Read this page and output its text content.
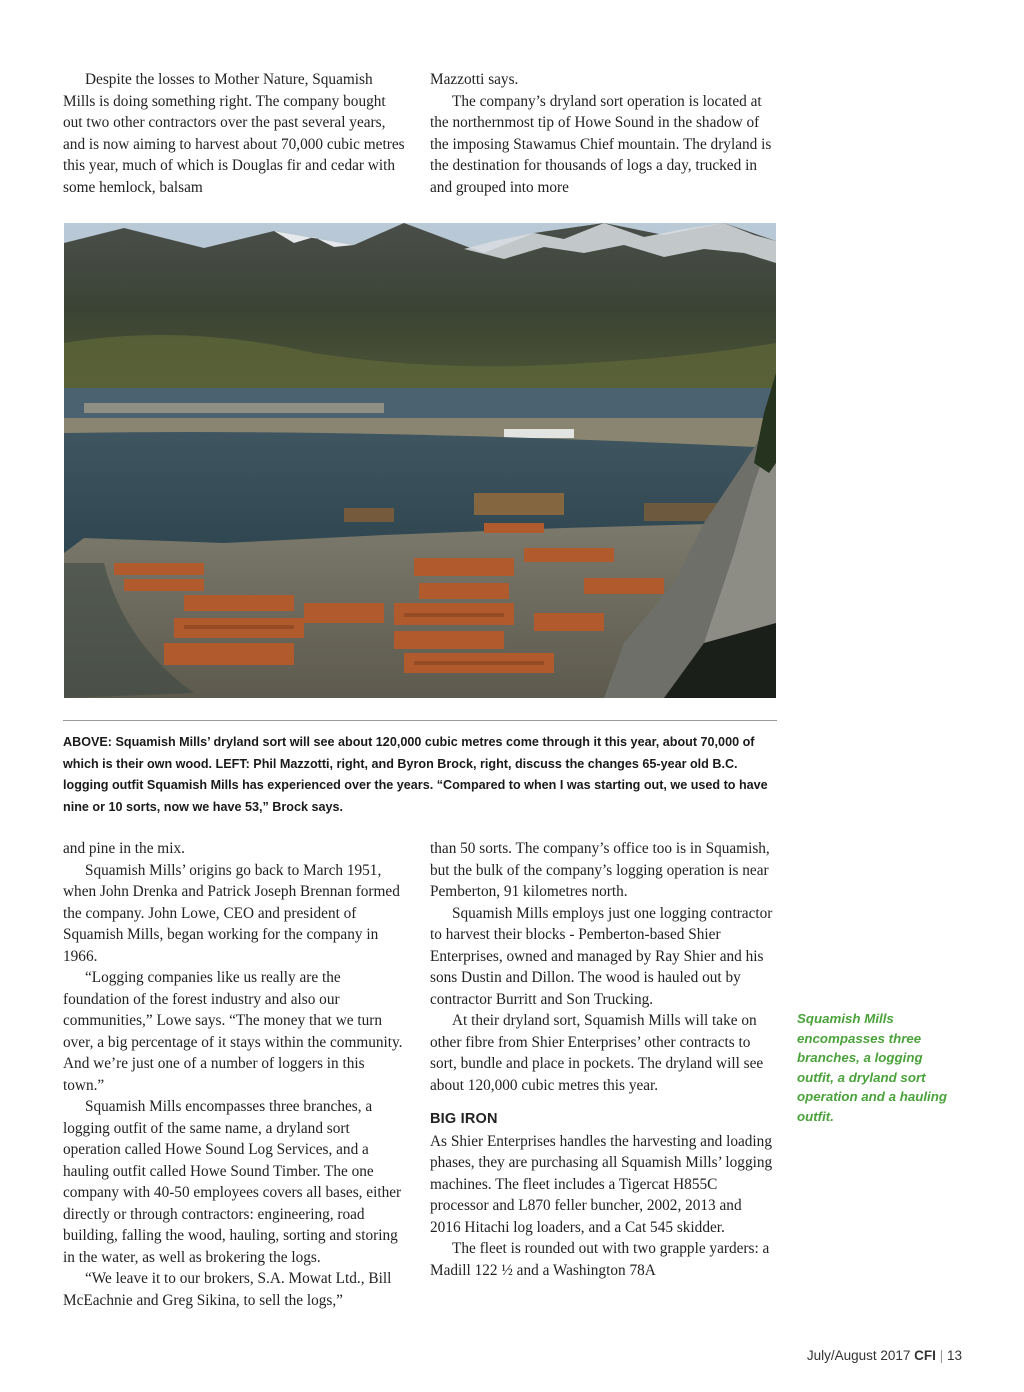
Despite the losses to Mother Nature, Squamish Mills is doing something right. The company bought out two other contractors over the past several years, and is now aiming to harvest about 70,000 cubic metres this year, much of which is Douglas fir and cedar with some hemlock, balsam

Mazzotti says.

The company’s dryland sort operation is located at the northernmost tip of Howe Sound in the shadow of the imposing Stawamus Chief mountain. The dryland is the destination for thousands of logs a day, trucked in and grouped into more

ABOVE: Squamish Mills’ dryland sort will see about 120,000 cubic metres come through it this year, about 70,000 of which is their own wood. LEFT: Phil Mazzotti, right, and Byron Brock, right, discuss the changes 65-year old B.C. logging outfit Squamish Mills has experienced over the years. “Compared to when I was starting out, we used to have nine or 10 sorts, now we have 53,” Brock says.

and pine in the mix.

Squamish Mills’ origins go back to March 1951, when John Drenka and Patrick Joseph Brennan formed the company. John Lowe, CEO and president of Squamish Mills, began working for the company in 1966.

“Logging companies like us really are the foundation of the forest industry and also our communities,” Lowe says. “The money that we turn over, a big percentage of it stays within the community. And we’re just one of a number of loggers in this town.”

Squamish Mills encompasses three branches, a logging outfit of the same name, a dryland sort operation called Howe Sound Log Services, and a hauling outfit called Howe Sound Timber. The one company with 40-50 employees covers all bases, either directly or through contractors: engineering, road building, falling the wood, hauling, sorting and storing in the water, as well as brokering the logs.

“We leave it to our brokers, S.A. Mowat Ltd., Bill McEachnie and Greg Sikina, to sell the logs,”

than 50 sorts. The company’s office too is in Squamish, but the bulk of the company’s logging operation is near Pemberton, 91 kilometres north.

Squamish Mills employs just one logging contractor to harvest their blocks - Pemberton-based Shier Enterprises, owned and managed by Ray Shier and his sons Dustin and Dillon. The wood is hauled out by contractor Burritt and Son Trucking.

At their dryland sort, Squamish Mills will take on other fibre from Shier Enterprises’ other contracts to sort, bundle and place in pockets. The dryland will see about 120,000 cubic metres this year.

BIG IRON

As Shier Enterprises handles the harvesting and loading phases, they are purchasing all Squamish Mills’ logging machines. The fleet includes a Tigercat H855C processor and L870 feller buncher, 2002, 2013 and 2016 Hitachi log loaders, and a Cat 545 skidder.

The fleet is rounded out with two grapple yarders: a Madill 122 ½ and a Washington 78A

Squamish Mills encompasses three branches, a logging outfit, a dryland sort operation and a hauling outfit.
July/August 2017 CFI | 13
